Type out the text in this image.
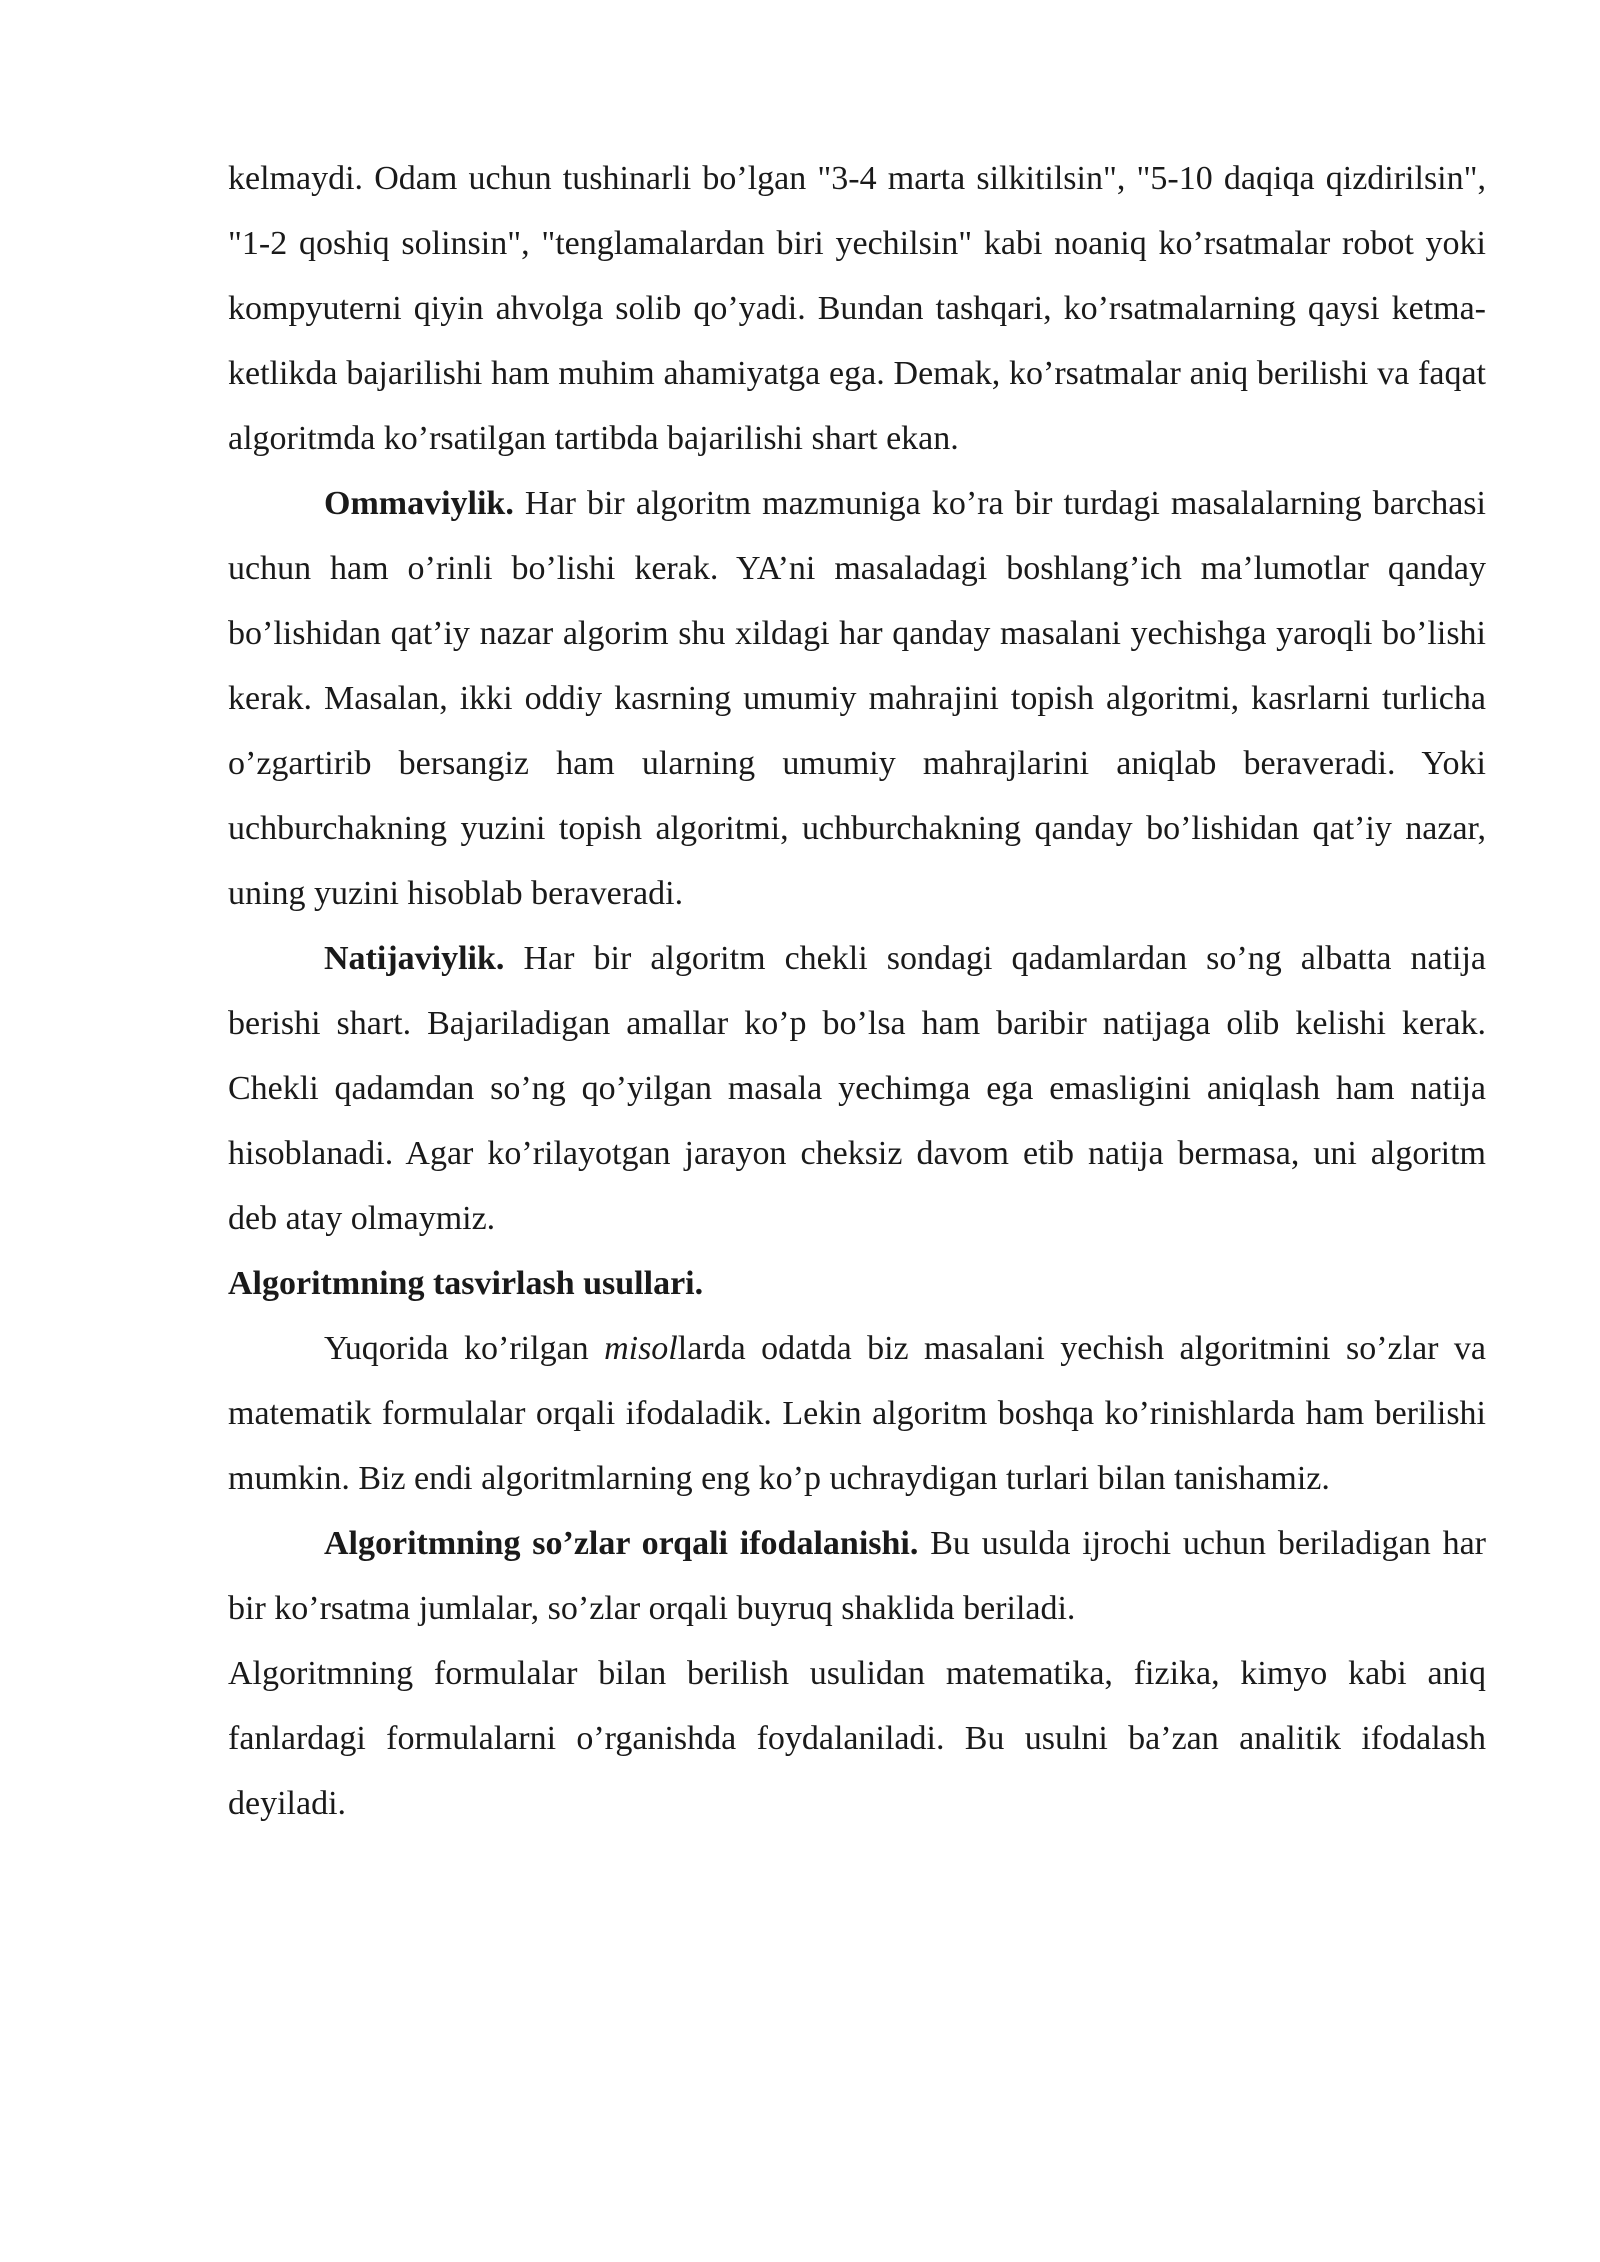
kelmaydi. Odam uchun tushinarli bo’lgan "3-4 marta silkitilsin", "5-10 daqiqa qizdirilsin", "1-2 qoshiq solinsin", "tenglamalardan biri yechilsin" kabi noaniq ko’rsatmalar robot yoki kompyuterni qiyin ahvolga solib qo’yadi. Bundan tashqari, ko’rsatmalarning qaysi ketma-ketlikda bajarilishi ham muhim ahamiyatga ega. Demak, ko’rsatmalar aniq berilishi va faqat algoritmda ko’rsatilgan tartibda bajarilishi shart ekan.

Ommaviylik. Har bir algoritm mazmuniga ko’ra bir turdagi masalalarning barchasi uchun ham o’rinli bo’lishi kerak. YA’ni masaladagi boshlang’ich ma’lumotlar qanday bo’lishidan qat’iy nazar algorim shu xildagi har qanday masalani yechishga yaroqli bo’lishi kerak. Masalan, ikki oddiy kasrning umumiy mahrajini topish algoritmi, kasrlarni turlicha o’zgartirib bersangiz ham ularning umumiy mahrajlarini aniqlab beraveradi. Yoki uchburchakning yuzini topish algoritmi, uchburchakning qanday bo’lishidan qat’iy nazar, uning yuzini hisoblab beraveradi.

Natijaviylik. Har bir algoritm chekli sondagi qadamlardan so’ng albatta natija berishi shart. Bajariladigan amallar ko’p bo’lsa ham baribir natijaga olib kelishi kerak. Chekli qadamdan so’ng qo’yilgan masala yechimga ega emasligini aniqlash ham natija hisoblanadi. Agar ko’rilayotgan jarayon cheksiz davom etib natija bermasa, uni algoritm deb atay olmaymiz.

Algoritmning tasvirlash usullari.

Yuqorida ko’rilgan misollarda odatda biz masalani yechish algoritmini so’zlar va matematik formulalar orqali ifodaladik. Lekin algoritm boshqa ko’rinishlarda ham berilishi mumkin. Biz endi algoritmlarning eng ko’p uchraydigan turlari bilan tanishamiz.

Algoritmning so’zlar orqali ifodalanishi. Bu usulda ijrochi uchun beriladigan har bir ko’rsatma jumlalar, so’zlar orqali buyruq shaklida beriladi.

Algoritmning formulalar bilan berilish usulidan matematika, fizika, kimyo kabi aniq fanlardagi formulalarni o’rganishda foydalaniladi. Bu usulni ba’zan analitik ifodalash deyiladi.
